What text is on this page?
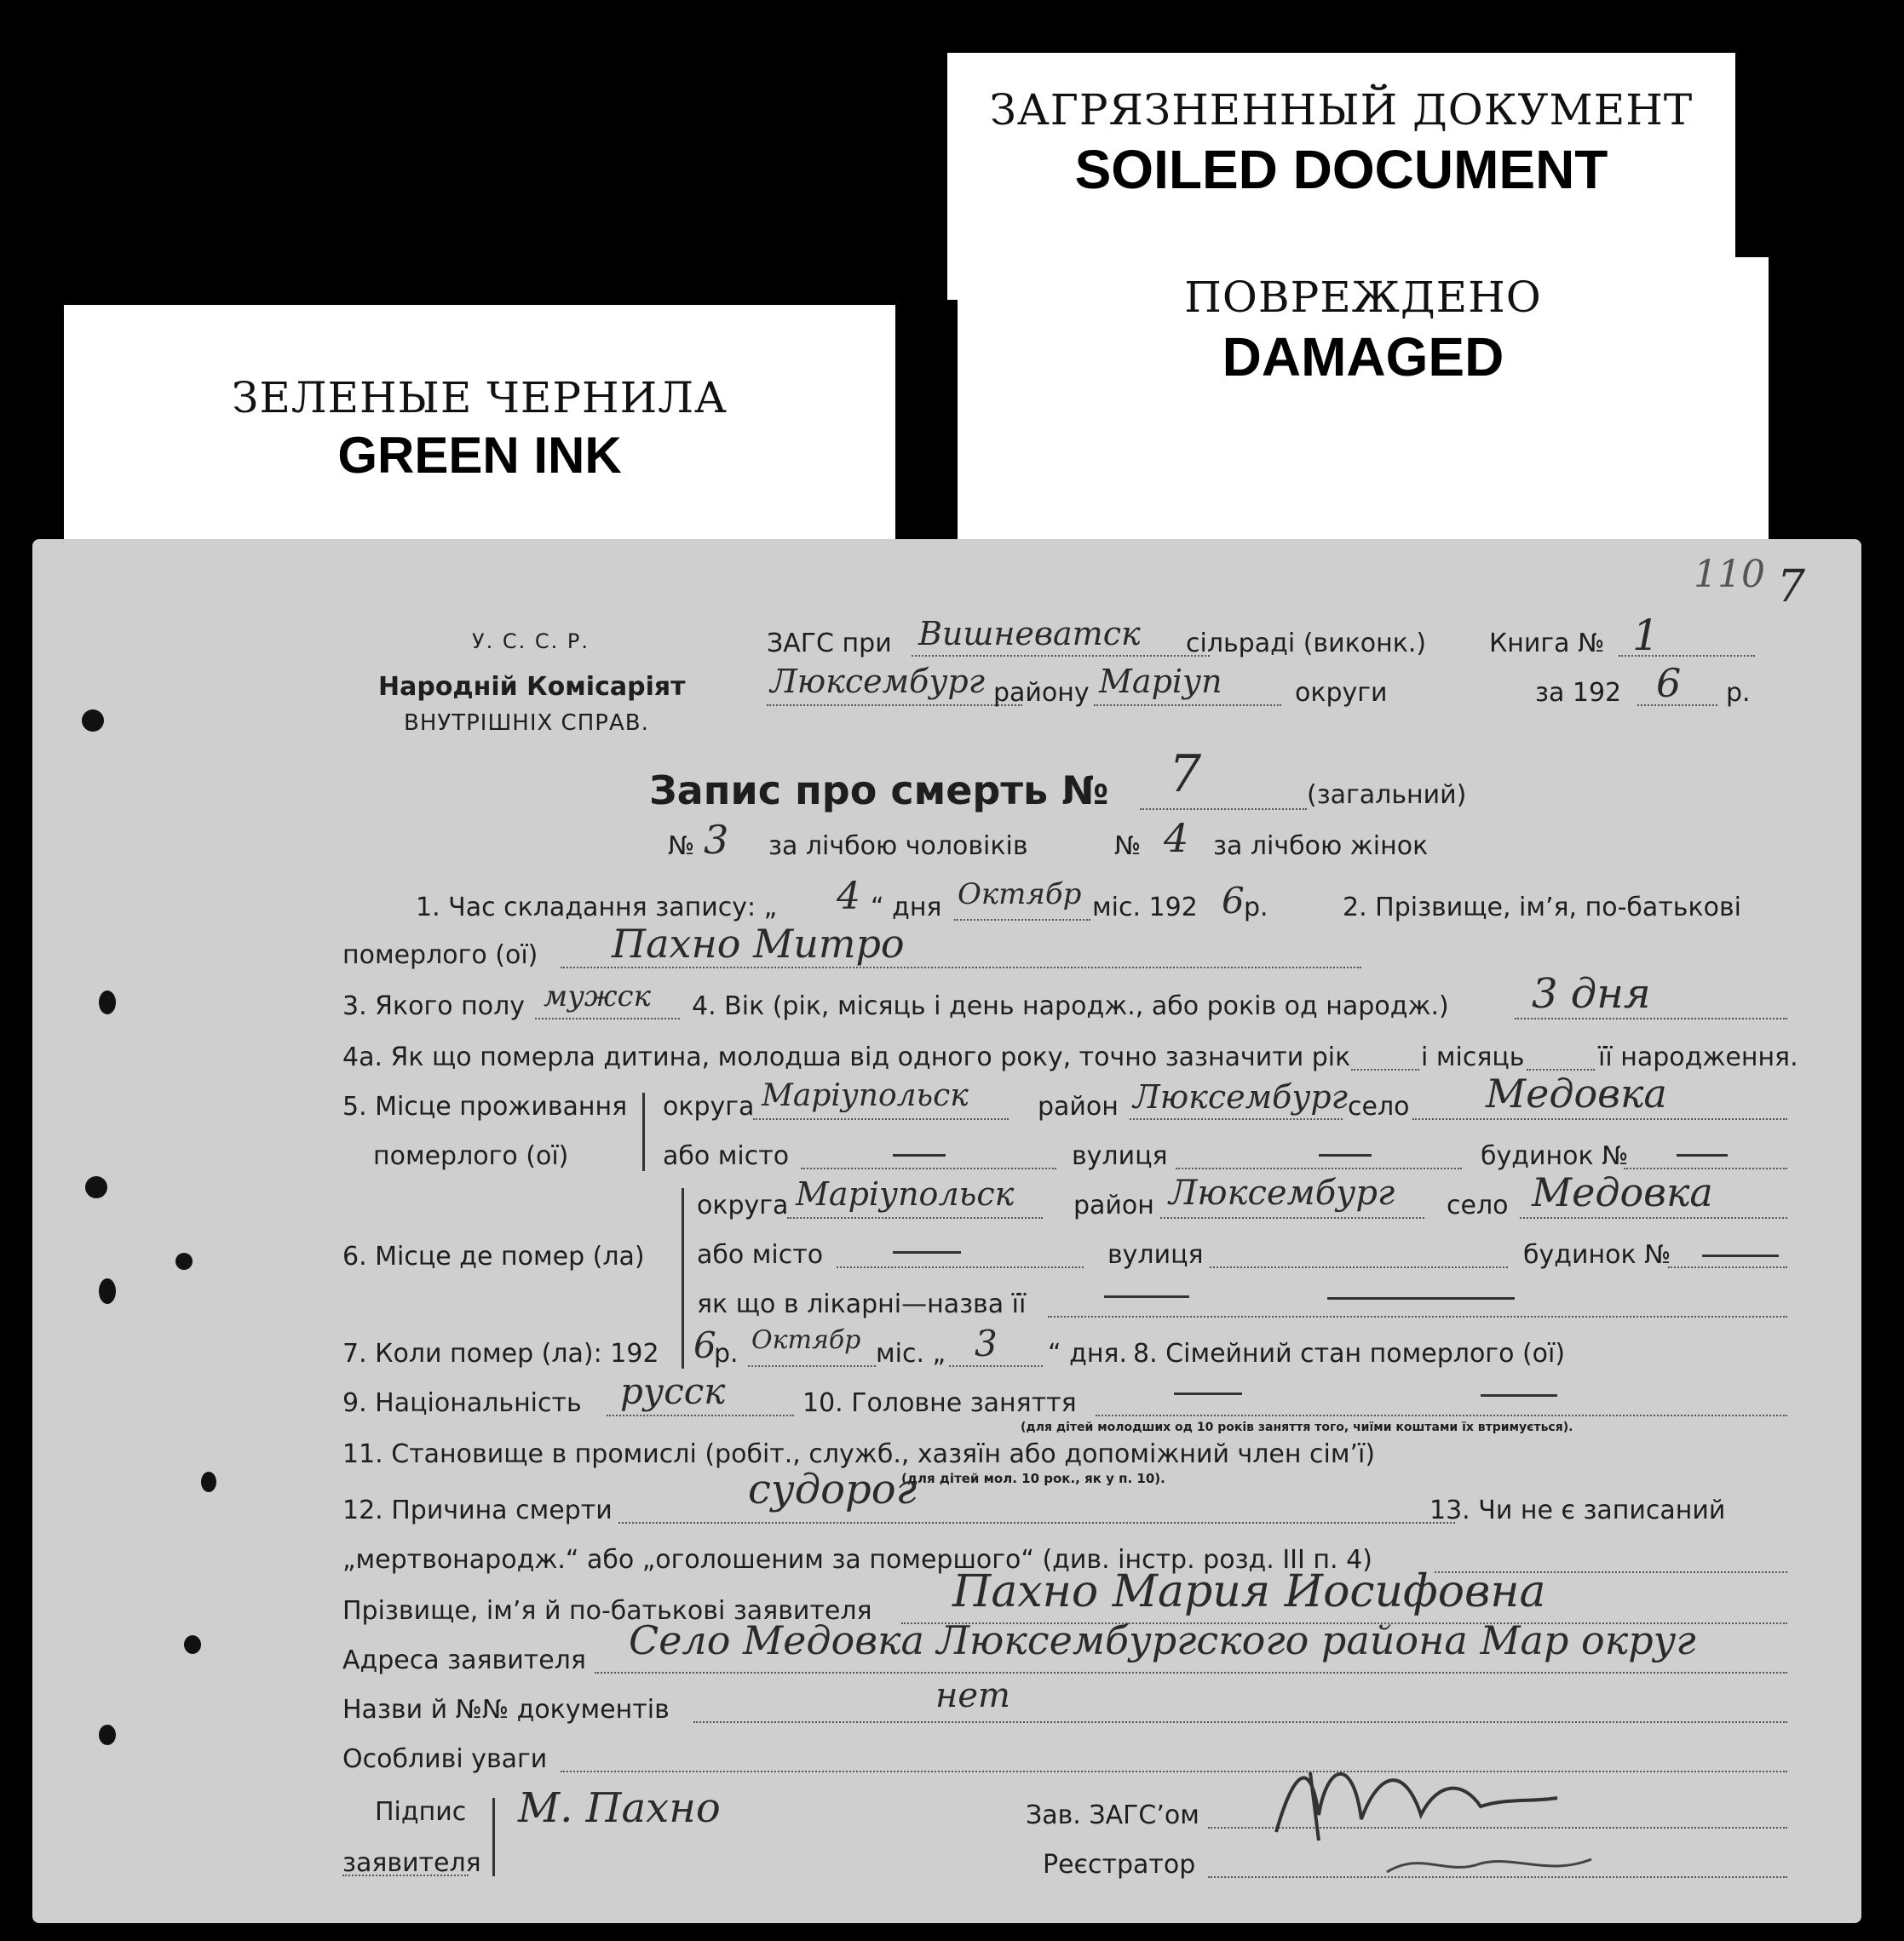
ЗАГРЯЗНЕННЫЙ ДОКУМЕНТ
SOILED DOCUMENT
ПОВРЕЖДЕНО
DAMAGED
ЗЕЛЕНЫЕ ЧЕРНИЛА
GREEN INK
110 7
У. С. С. Р.
Народній Комісаріят
ВНУТРІШНІХ СПРАВ.
ЗАГС при Вишневатск сільраді (виконк.) Книга № 1
Люксембург району Маріуп	округи	за 192 6 р.
Запис про смерть № 7	(загальний)
№ 3 за лічбою чоловіків	№ 4 за лічбою жінок
1. Час складання запису: „ 4 “ дня Октябр міс. 192 6 р.	2. Прізвище, ім’я, по-батькові
померлого (ої) Пахно Митро
3. Якого полу мужск 4. Вік (рік, місяць і день народж., або років од народж.) 3 дня
4а. Як що померла дитина, молодша від одного року, точно зазначити рік	і місяць	її народження.
5. Місце проживання
померлого (ої)
округа Маріупольск	район Люксембург село Медовка
або місто	вулиця	будинок №
6. Місце де помер (ла)
округа Маріупольск район Люксембург село Медовка
або місто	вулиця	будинок №
як що в лікарні—назва її
7. Коли помер (ла): 192 6
р. Октябр міс. „ 3 “ дня. 8. Сімейний стан померлого (ої)
9. Національність русск	10. Головне заняття
(для дітей молодших од 10 років заняття того, чиїми коштами їх втримується).
11. Становище в промислі (робіт., служб., хазяїн або допоміжний член сім’ї)
(для дітей мол. 10 рок., як у п. 10).
12. Причина смерти	судорог	13. Чи не є записаний
„мертвонародж.“ або „оголошеним за помершого“ (див. інстр. розд. III п. 4)
Прізвище, ім’я й по-батькові заявителя Пахно Мария Иосифовна
Адреса заявителя Село Медовка Люксембургского района Мар округ
Назви й №№ документів	нет
Особливі уваги
Підпис
заявителя
М. Пахно	Зав. ЗАГС’ом
Реєстратор
